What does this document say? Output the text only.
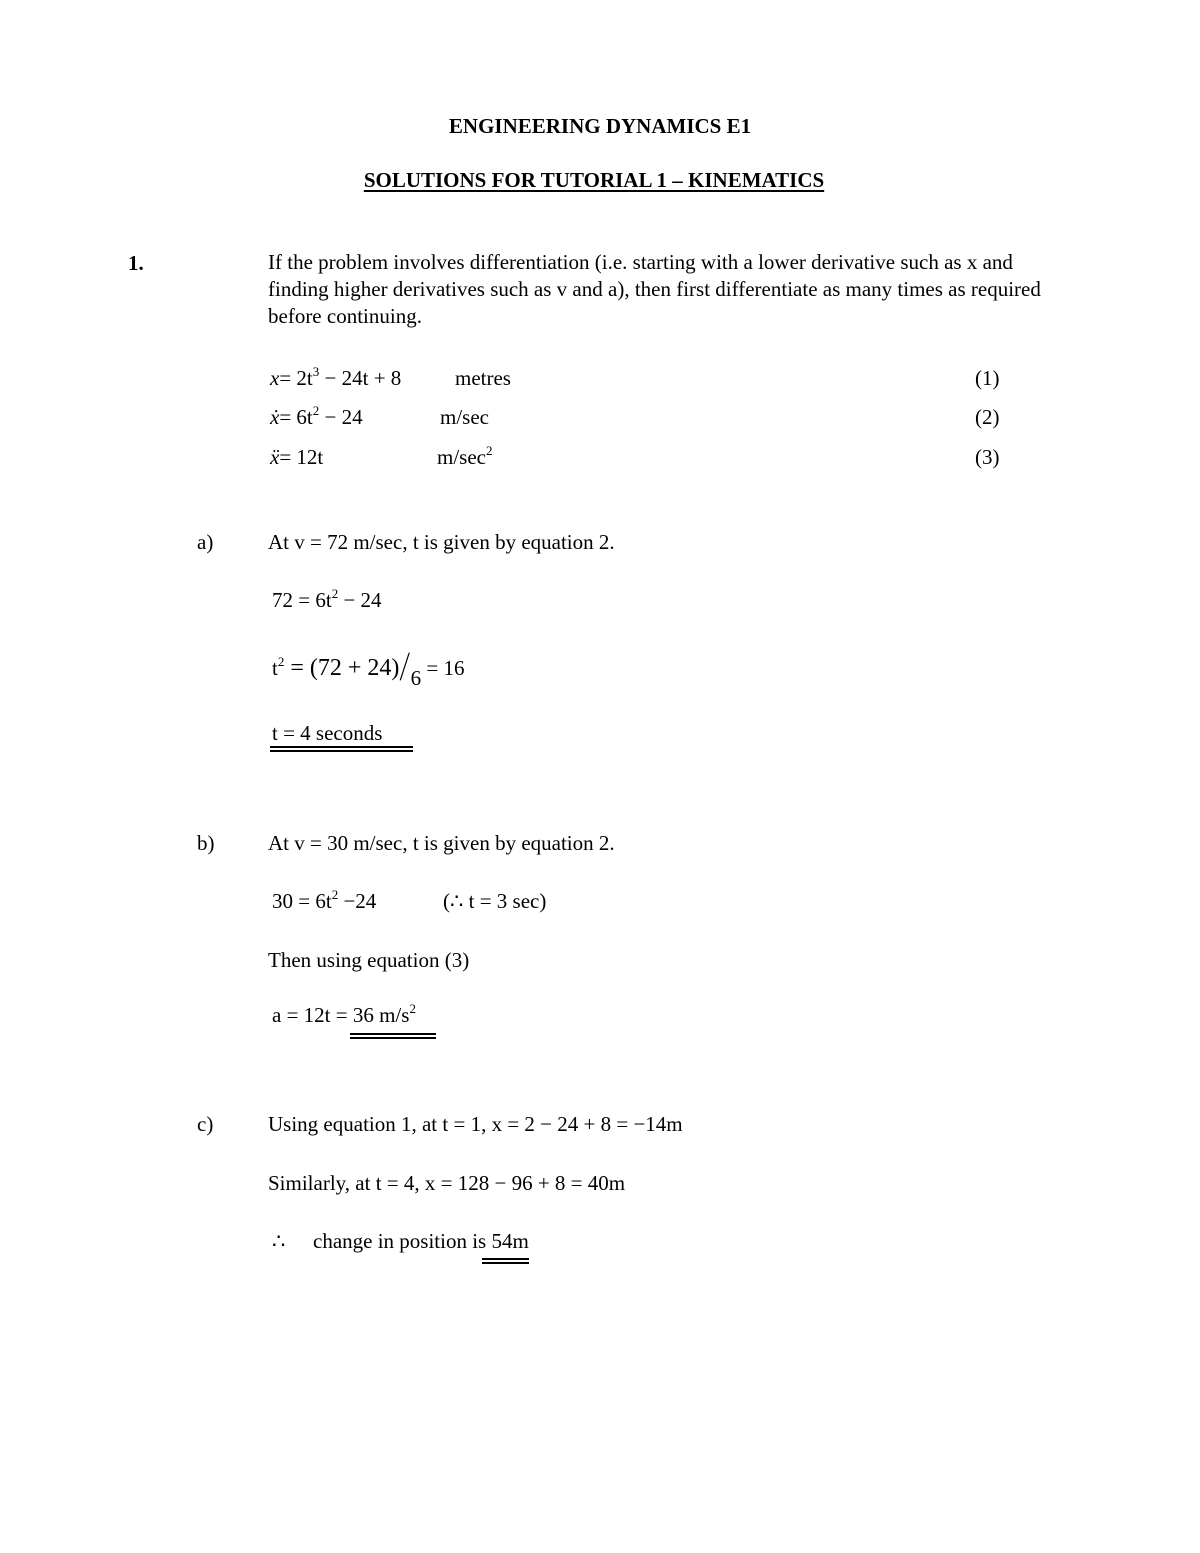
ENGINEERING DYNAMICS E1
SOLUTIONS FOR TUTORIAL 1 – KINEMATICS
1.	If the problem involves differentiation (i.e. starting with a lower derivative such as x and finding higher derivatives such as v and a), then first differentiate as many times as required before continuing.
$x= 2t^3 - 24t + 8$	metres	(1)
ẋ= $6t^2 - 24$	m/sec	(2)
ẍ= 12t	$m/\sec^2$	(3)
a)	At v = 72 m/sec, t is given by equation 2.
$72 = 6t^2 - 24$
$t^2 = (72 + 24)/6 = 16$
t = 4 seconds
b)	At v = 30 m/sec, t is given by equation 2.
$30 = 6t^2 -24$	(∴ t = 3 sec)
Then using equation (3)
a = 12t = 36 $m/s^2$
c)	Using equation 1, at t = 1, x = 2 − 24 + 8 = −14m
Similarly, at t = 4, x = 128 − 96 + 8 = 40m
∴ change in position is 54m
